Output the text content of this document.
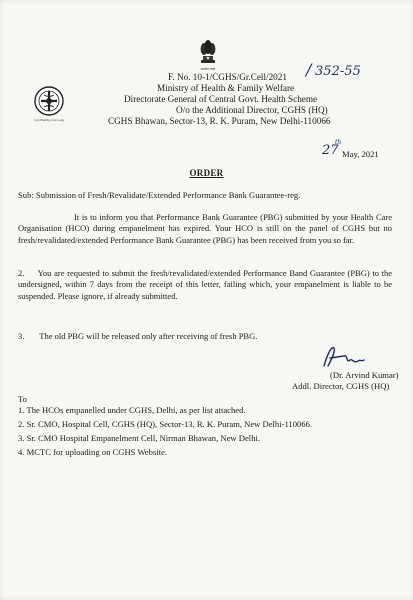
सत्यमेव जयते
Live Healthy, Live Long
F. No. 10-1/CGHS/Gr.Cell/2021 / 352-55
Ministry of Health & Family Welfare
Directorate General of Central Govt. Health Scheme
O/o the Additional Director, CGHS (HQ)
CGHS Bhawan, Sector-13, R. K. Puram, New Delhi-110066
27
th
May, 2021
ORDER
Sub: Submission of Fresh/Revalidate/Extended Performance Bank Guarantee-reg.
It is to inform you that Performance Bank Guarantee (PBG) submitted by your Health Care Organisation (HCO) during empanelment has expired. Your HCO is still on the panel of CGHS but no fresh/revalidated/extended Performance Bank Guarantee (PBG) has been received from you so far.
2.     You are requested to submit the fresh/revalidated/extended Performance Band Guarantee (PBG) to the undersigned, within 7 days from the receipt of this letter, failing which, your empanelment is liable to be suspended. Please ignore, if already submitted.
3.       The old PBG will be released only after receiving of fresh PBG.
(Dr. Arvind Kumar)
Addl. Director, CGHS (HQ)
To
1. The HCOs empanelled under CGHS, Delhi, as per list attached.
2. Sr. CMO, Hospital Cell, CGHS (HQ), Sector-13, R. K. Puram, New Delhi-110066.
3. Sr. CMO Hospital Empanelment Cell, Nirman Bhawan, New Delhi.
4. MCTC for uploading on CGHS Website.
